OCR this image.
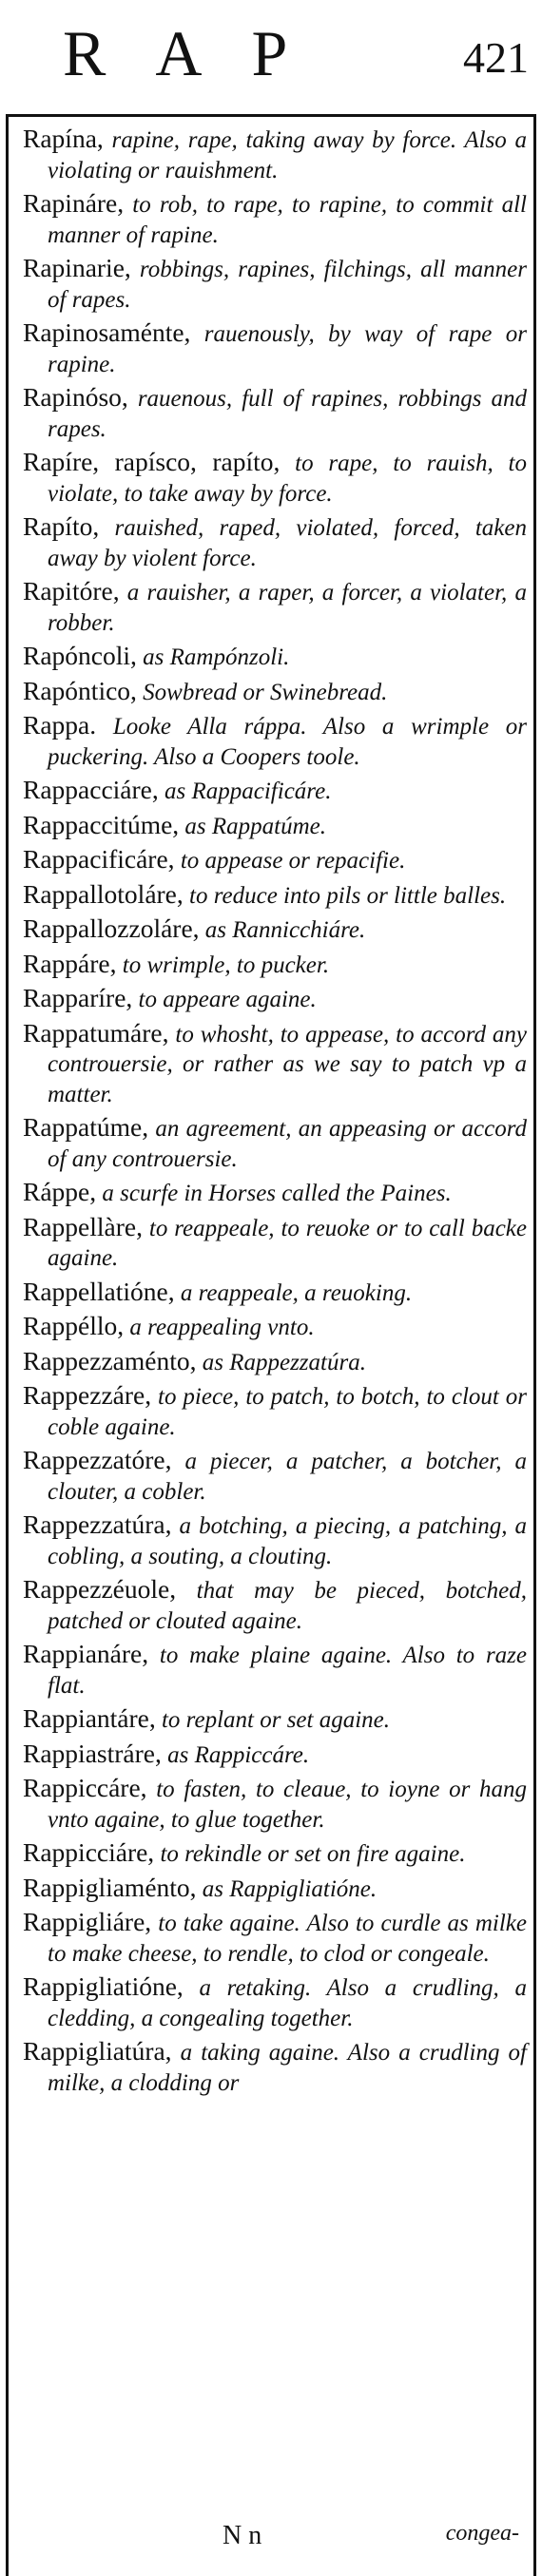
RAP	421
Rapína, rapine, rape, taking away by force. Also a violating or rauishment.
Rapináre, to rob, to rape, to rapine, to commit all manner of rapine.
Rapinarie, robbings, rapines, filchings, all manner of rapes.
Rapinosaménte, rauenously, by way of rape or rapine.
Rapinóso, rauenous, full of rapines, robbings and rapes.
Rapíre, rapísco, rapíto, to rape, to rauish, to violate, to take away by force.
Rapíto, rauished, raped, violated, forced, taken away by violent force.
Rapitóre, a rauisher, a raper, a forcer, a violater, a robber.
Rapóncoli, as Rampónzoli.
Rapóntico, Sowbread or Swinebread.
Rappa. Looke Alla ráppa. Also a wrimple or puckering. Also a Coopers toole.
Rappacciáre, as Rappacificáre.
Rappaccitúme, as Rappatúme.
Rappacificáre, to appease or repacifie.
Rappallotoláre, to reduce into pils or little balles.
Rappallozzoláre, as Rannicchiáre.
Rappáre, to wrimple, to pucker.
Rapparíre, to appeare againe.
Rappatumáre, to whosht, to appease, to accord any controuersie, or rather as we say to patch vp a matter.
Rappatúme, an agreement, an appeasing or accord of any controuersie.
Ráppe, a scurfe in Horses called the Paines.
Rappellàre, to reappeale, to reuoke or to call backe againe.
Rappellatióne, a reappeale, a reuoking.
Rappéllo, a reappealing vnto.
Rappezzaménto, as Rappezzatúra.
Rappezzáre, to piece, to patch, to botch, to clout or coble againe.
Rappezzatóre, a piecer, a patcher, a botcher, a clouter, a cobler.
Rappezzatúra, a botching, a piecing, a patching, a cobling, a souting, a clouting.
Rappezzéuole, that may be pieced, botched, patched or clouted againe.
Rappianáre, to make plaine againe. Also to raze flat.
Rappiantáre, to replant or set againe.
Rappiastráre, as Rappiccáre.
Rappiccáre, to fasten, to cleaue, to ioyne or hang vnto againe, to glue together.
Rappicciáre, to rekindle or set on fire againe.
Rappigliaménto, as Rappigliatióne.
Rappigliáre, to take againe. Also to curdle as milke to make cheese, to rendle, to clod or congeale.
Rappigliatióne, a retaking. Also a crudling, a cledding, a congealing together.
Rappigliatúra, a taking againe. Also a crudling of milke, a clodding or
N n	congea-
